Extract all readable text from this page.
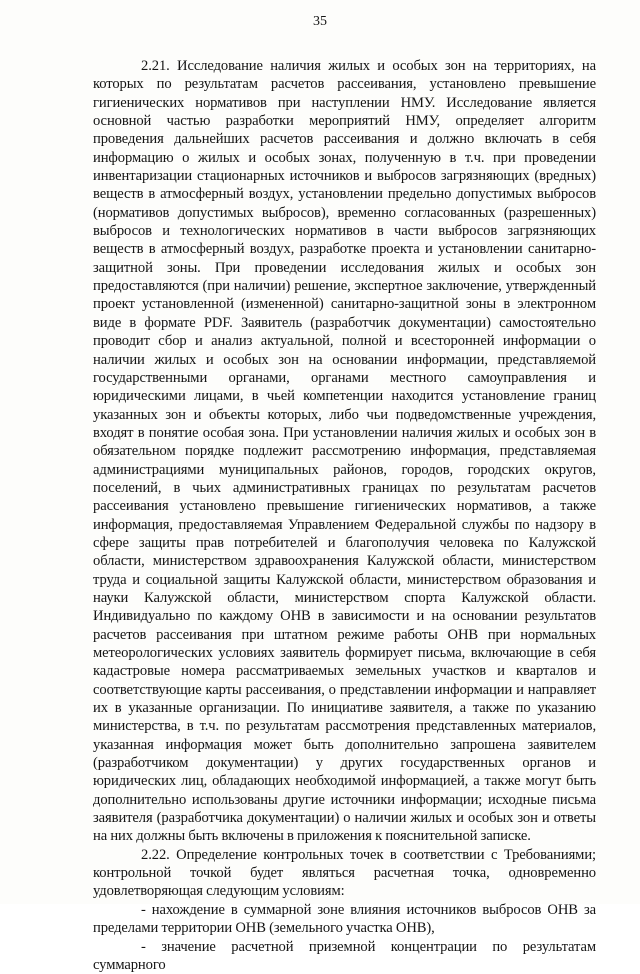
35

2.21. Исследование наличия жилых и особых зон на территориях, на которых по результатам расчетов рассеивания, установлено превышение гигиенических нормативов при наступлении НМУ. Исследование является основной частью разработки мероприятий НМУ, определяет алгоритм проведения дальнейших расчетов рассеивания и должно включать в себя информацию о жилых и особых зонах, полученную в т.ч. при проведении инвентаризации стационарных источников и выбросов загрязняющих (вредных) веществ в атмосферный воздух, установлении предельно допустимых выбросов (нормативов допустимых выбросов), временно согласованных (разрешенных) выбросов и технологических нормативов в части выбросов загрязняющих веществ в атмосферный воздух, разработке проекта и установлении санитарно-защитной зоны. При проведении исследования жилых и особых зон предоставляются (при наличии) решение, экспертное заключение, утвержденный проект установленной (измененной) санитарно-защитной зоны в электронном виде в формате PDF. Заявитель (разработчик документации) самостоятельно проводит сбор и анализ актуальной, полной и всесторонней информации о наличии жилых и особых зон на основании информации, представляемой государственными органами, органами местного самоуправления и юридическими лицами, в чьей компетенции находится установление границ указанных зон и объекты которых, либо чьи подведомственные учреждения, входят в понятие особая зона. При установлении наличия жилых и особых зон в обязательном порядке подлежит рассмотрению информация, представляемая администрациями муниципальных районов, городов, городских округов, поселений, в чьих административных границах по результатам расчетов рассеивания установлено превышение гигиенических нормативов, а также информация, предоставляемая Управлением Федеральной службы по надзору в сфере защиты прав потребителей и благополучия человека по Калужской области, министерством здравоохранения Калужской области, министерством труда и социальной защиты Калужской области, министерством образования и науки Калужской области, министерством спорта Калужской области. Индивидуально по каждому ОНВ в зависимости и на основании результатов расчетов рассеивания при штатном режиме работы ОНВ при нормальных метеорологических условиях заявитель формирует письма, включающие в себя кадастровые номера рассматриваемых земельных участков и кварталов и соответствующие карты рассеивания, о представлении информации и направляет их в указанные организации. По инициативе заявителя, а также по указанию министерства, в т.ч. по результатам рассмотрения представленных материалов, указанная информация может быть дополнительно запрошена заявителем (разработчиком документации) у других государственных органов и юридических лиц, обладающих необходимой информацией, а также могут быть дополнительно использованы другие источники информации; исходные письма заявителя (разработчика документации) о наличии жилых и особых зон и ответы на них должны быть включены в приложения к пояснительной записке.

2.22. Определение контрольных точек в соответствии с Требованиями; контрольной точкой будет являться расчетная точка, одновременно удовлетворяющая следующим условиям:

- нахождение в суммарной зоне влияния источников выбросов ОНВ за пределами территории ОНВ (земельного участка ОНВ),

- значение расчетной приземной концентрации по результатам суммарного
